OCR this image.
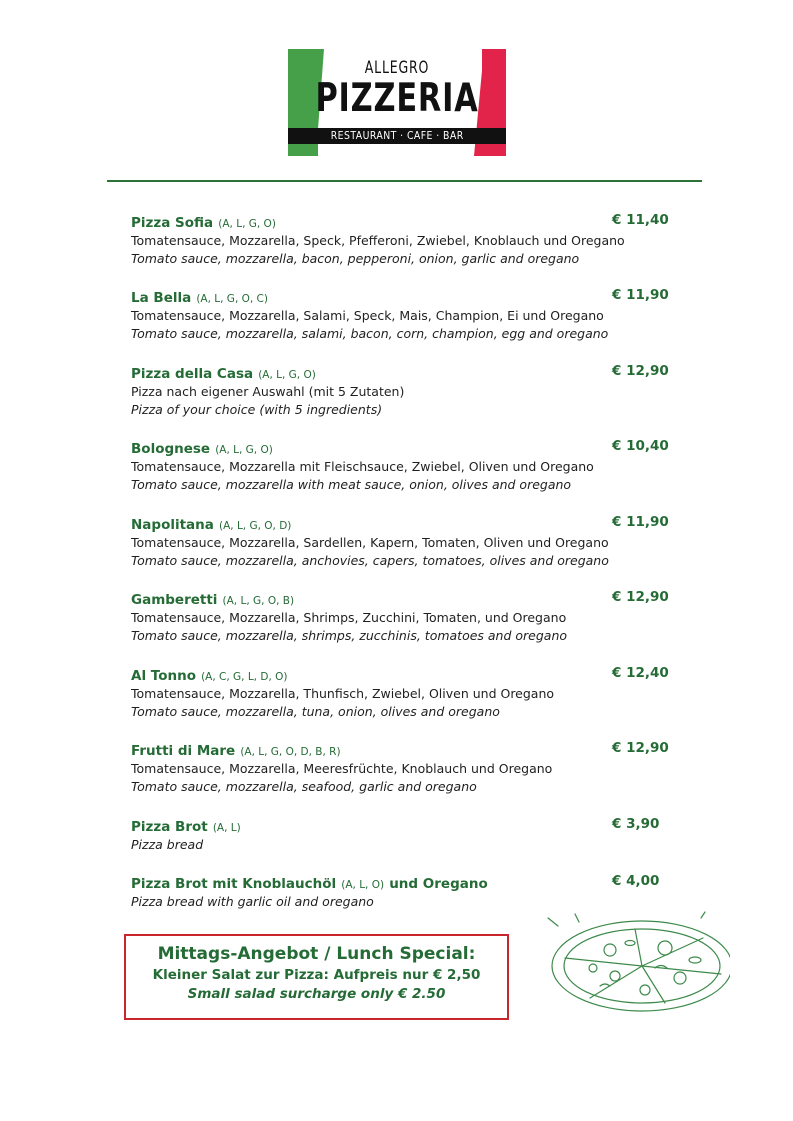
ALLEGRO
PIZZERIA
RESTAURANT · CAFE · BAR
Pizza Sofia (A, L, G, O)	€ 11,40
Tomatensauce, Mozzarella, Speck, Pfefferoni, Zwiebel, Knoblauch und Oregano
Tomato sauce, mozzarella, bacon, pepperoni, onion, garlic and oregano
La Bella (A, L, G, O, C)	€ 11,90
Tomatensauce, Mozzarella, Salami, Speck, Mais, Champion, Ei und Oregano
Tomato sauce, mozzarella, salami, bacon, corn, champion, egg and oregano
Pizza della Casa (A, L, G, O)	€ 12,90
Pizza nach eigener Auswahl (mit 5 Zutaten)
Pizza of your choice (with 5 ingredients)
Bolognese (A, L, G, O)	€ 10,40
Tomatensauce, Mozzarella mit Fleischsauce, Zwiebel, Oliven und Oregano
Tomato sauce, mozzarella with meat sauce, onion, olives and oregano
Napolitana (A, L, G, O, D)	€ 11,90
Tomatensauce, Mozzarella, Sardellen, Kapern, Tomaten, Oliven und Oregano
Tomato sauce, mozzarella, anchovies, capers, tomatoes, olives and oregano
Gamberetti (A, L, G, O, B)	€ 12,90
Tomatensauce, Mozzarella, Shrimps, Zucchini, Tomaten, und Oregano
Tomato sauce, mozzarella, shrimps, zucchinis, tomatoes and oregano
Al Tonno (A, C, G, L, D, O)	€ 12,40
Tomatensauce, Mozzarella, Thunfisch, Zwiebel, Oliven und Oregano
Tomato sauce, mozzarella, tuna, onion, olives and oregano
Frutti di Mare (A, L, G, O, D, B, R)	€ 12,90
Tomatensauce, Mozzarella, Meeresfrüchte, Knoblauch und Oregano
Tomato sauce, mozzarella, seafood, garlic and oregano
Pizza Brot (A, L)	€ 3,90
Pizza bread
Pizza Brot mit Knoblauchöl (A, L, O) und Oregano	€ 4,00
Pizza bread with garlic oil and oregano
Mittags-Angebot / Lunch Special:
Kleiner Salat zur Pizza: Aufpreis nur € 2,50
Small salad surcharge only € 2.50
